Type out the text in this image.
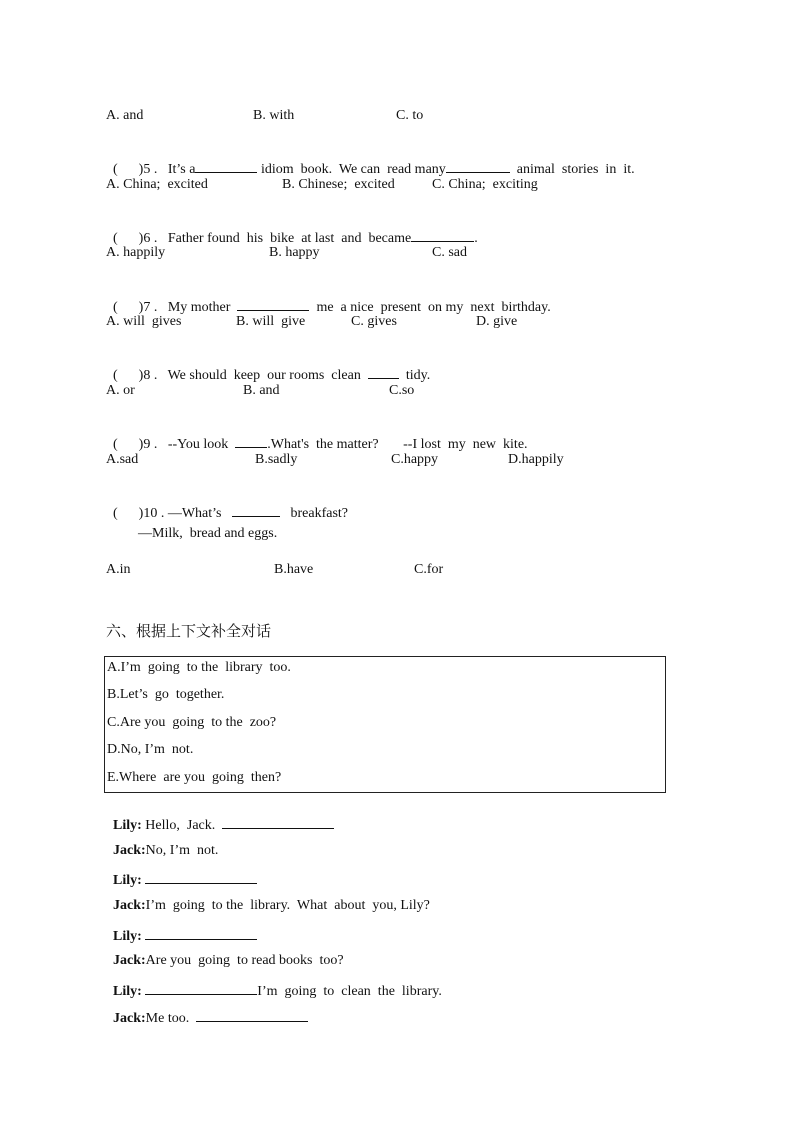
A. and	B. with	C. to

(      )5 .   It’s a	idiom  book.  We can  read many	animal  stories  in  it.

A. China;  excited	B. Chinese;  excited	C. China;  exciting

(      )6 .   Father found  his  bike  at last  and  became	.

A. happily	B. happy	C. sad

(      )7 .   My mother	me  a nice  present  on my  next  birthday.

A. will  gives	B. will  give	C. gives	D. give

(      )8 .   We should  keep  our rooms  clean    tidy.

A. or	B. and	C.so

(      )9 .   --You look  .What's  the matter?       --I lost  my  new  kite.

A.sad	B.sadly	C.happy	D.happily

(      )10 . —What’s	breakfast?

—Milk,  bread and eggs.
A.in	B.have	C.for
六、根据上下文补全对话
A.I’m  going  to the  library  too.
B.Let’s  go  together.
C.Are you  going  to the  zoo?
D.No, I’m  not.
E.Where  are you  going  then?

Lily: Hello,  Jack.

Jack:No, I’m  not.

Lily:

Jack:I’m  going  to the  library.  What  about  you, Lily?

Lily:

Jack:Are you  going  to read books  too?

Lily:	I’m  going  to  clean  the  library.

Jack:Me too.
